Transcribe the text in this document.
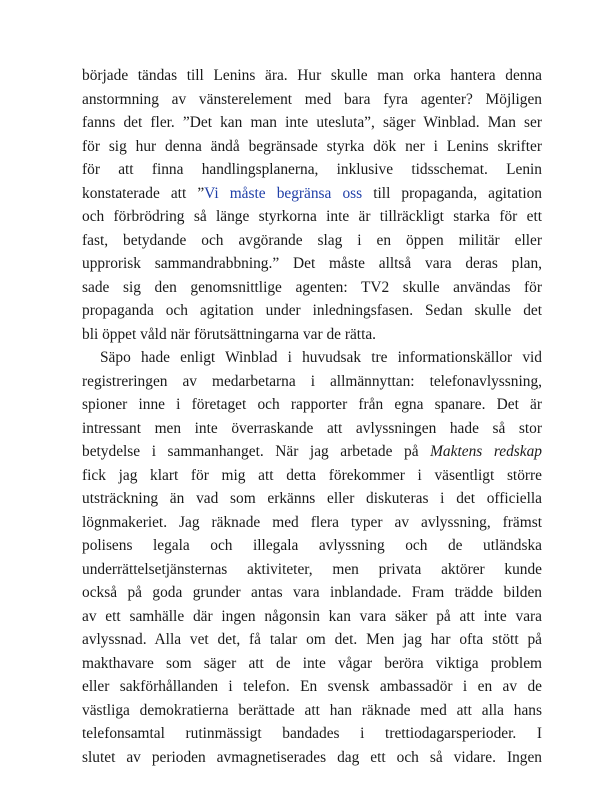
började tändas till Lenins ära. Hur skulle man orka hantera denna
anstormning av vänsterelement med bara fyra agenter? Möjligen
fanns det fler. ”Det kan man inte utesluta”, säger Winblad. Man ser
för sig hur denna ändå begränsade styrka dök ner i Lenins skrifter
för att finna handlingsplanerna, inklusive tidsschemat. Lenin
konstaterade att ”Vi måste begränsa oss till propaganda, agitation
och förbrödring så länge styrkorna inte är tillräckligt starka för ett
fast, betydande och avgörande slag i en öppen militär eller
upprorisk sammandrabbning.” Det måste alltså vara deras plan,
sade sig den genomsnittlige agenten: TV2 skulle användas för
propaganda och agitation under inledningsfasen. Sedan skulle det
bli öppet våld när förutsättningarna var de rätta.
Säpo hade enligt Winblad i huvudsak tre informationskällor vid
registreringen av medarbetarna i allmännyttan: telefonavlyssning,
spioner inne i företaget och rapporter från egna spanare. Det är
intressant men inte överraskande att avlyssningen hade så stor
betydelse i sammanhanget. När jag arbetade på Maktens redskap
fick jag klart för mig att detta förekommer i väsentligt större
utsträckning än vad som erkänns eller diskuteras i det officiella
lögnmakeriet. Jag räknade med flera typer av avlyssning, främst
polisens legala och illegala avlyssning och de utländska
underrättelsetjänsternas aktiviteter, men privata aktörer kunde
också på goda grunder antas vara inblandade. Fram trädde bilden
av ett samhälle där ingen någonsin kan vara säker på att inte vara
avlyssnad. Alla vet det, få talar om det. Men jag har ofta stött på
makthavare som säger att de inte vågar beröra viktiga problem
eller sakförhållanden i telefon. En svensk ambassadör i en av de
västliga demokratierna berättade att han räknade med att alla hans
telefonsamtal rutinmässigt bandades i trettiodagarsperioder. I
slutet av perioden avmagnetiserades dag ett och så vidare. Ingen
